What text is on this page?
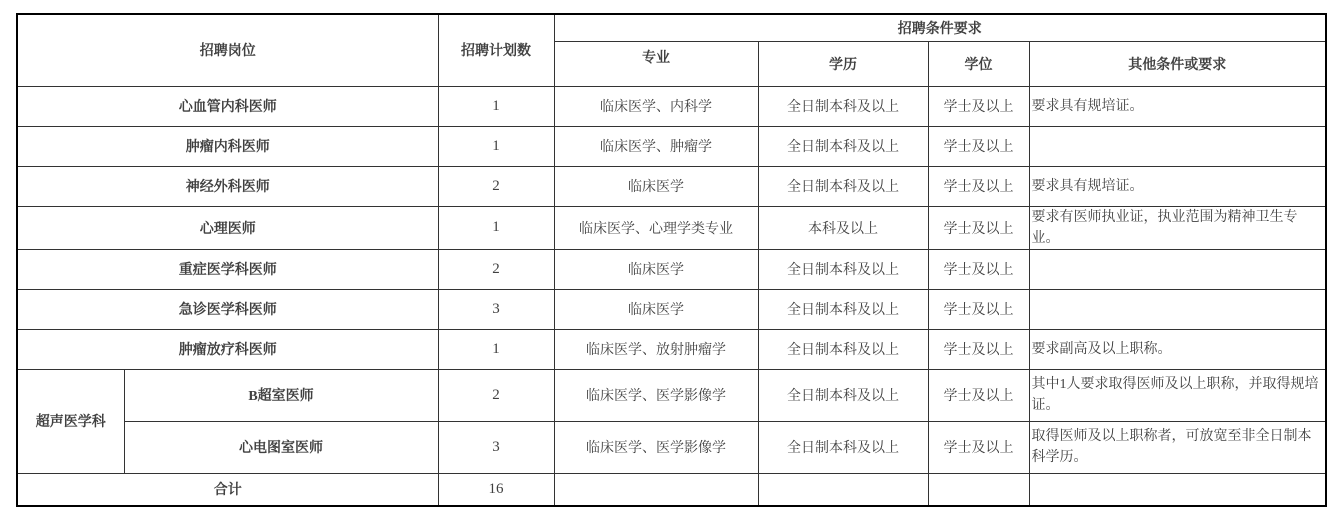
招聘岗位		招聘计划数	招聘条件要求			
			专业	学历	学位	其他条件或要求
心血管内科医师		1	临床医学、内科学	全日制本科及以上	学士及以上	要求具有规培证。
肿瘤内科医师		1	临床医学、肿瘤学	全日制本科及以上	学士及以上	
神经外科医师		2	临床医学	全日制本科及以上	学士及以上	要求具有规培证。
心理医师		1	临床医学、心理学类专业	本科及以上	学士及以上	要求有医师执业证，执业范围为精神卫生专业。
重症医学科医师		2	临床医学	全日制本科及以上	学士及以上	
急诊医学科医师		3	临床医学	全日制本科及以上	学士及以上	
肿瘤放疗科医师		1	临床医学、放射肿瘤学	全日制本科及以上	学士及以上	要求副高及以上职称。
超声医学科	B超室医师	2	临床医学、医学影像学	全日制本科及以上	学士及以上	其中1人要求取得医师及以上职称，并取得规培证。
	心电图室医师	3	临床医学、医学影像学	全日制本科及以上	学士及以上	取得医师及以上职称者，可放宽至非全日制本科学历。
合计		16				
